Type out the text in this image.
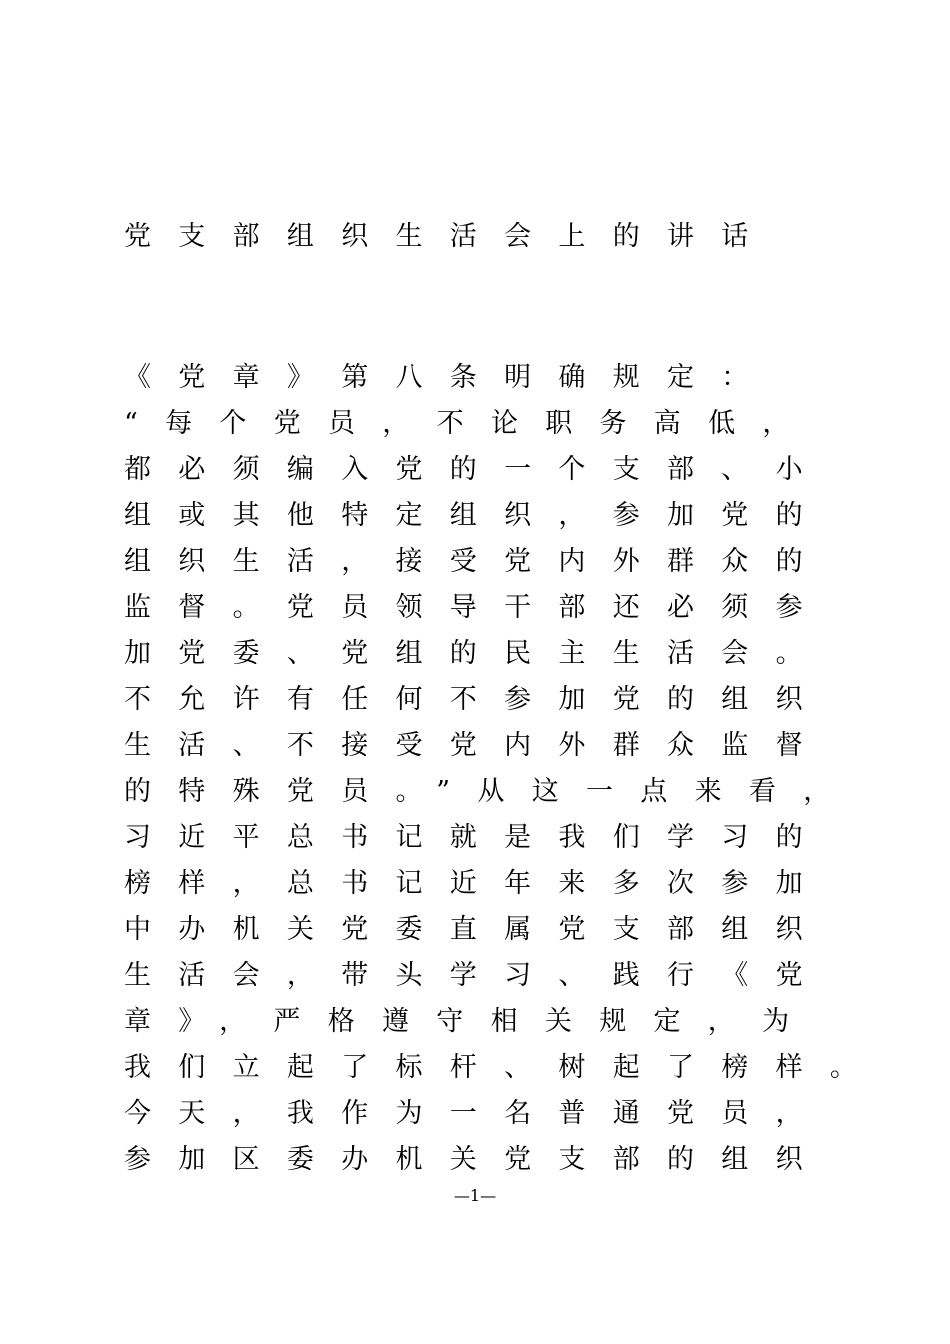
党支部组织生活会上的讲话
《党章》第八条明确规定：
“每个党员，不论职务高低，
都必须编入党的一个支部、小
组或其他特定组织，参加党的
组织生活，接受党内外群众的
监督。党员领导干部还必须参
加党委、党组的民主生活会。
不允许有任何不参加党的组织
生活、不接受党内外群众监督
的特殊党员。”从这一点来看，
习近平总书记就是我们学习的
榜样，总书记近年来多次参加
中办机关党委直属党支部组织
生活会，带头学习、践行《党
章》，严格遵守相关规定，为
我们立起了标杆、树起了榜样。
今天，我作为一名普通党员，
参加区委办机关党支部的组织
—1—
